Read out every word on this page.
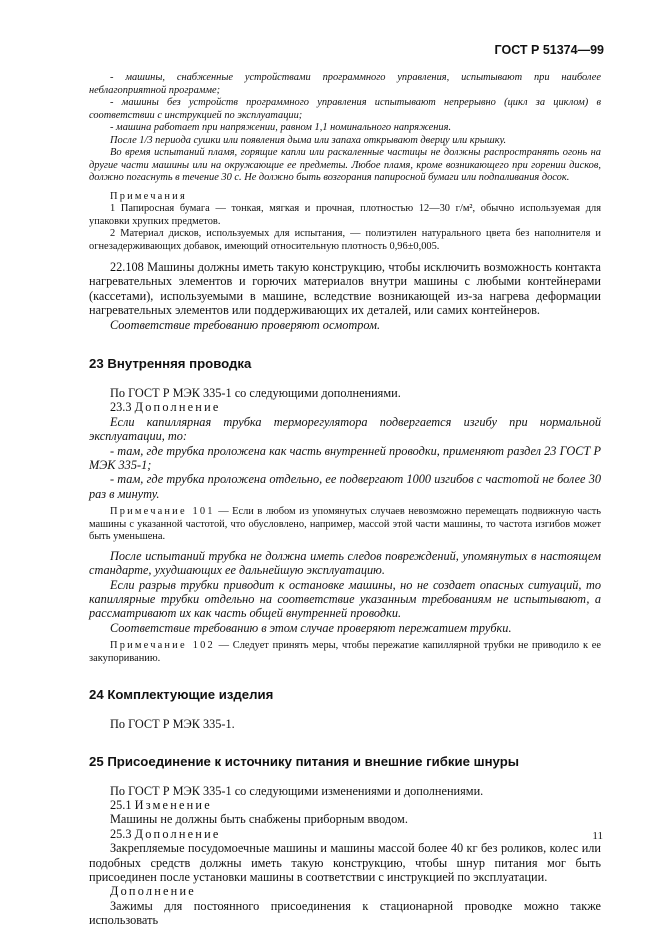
ГОСТ Р 51374—99

- машины, снабженные устройствами программного управления, испытывают при наиболее неблагоприятной программе;

- машины без устройств программного управления испытывают непрерывно (цикл за циклом) в соответствии с инструкцией по эксплуатации;

- машина работает при напряжении, равном 1,1 номинального напряжения.

После 1/3 периода сушки или появления дыма или запаха открывают дверцу или крышку.

Во время испытаний пламя, горящие капли или раскаленные частицы не должны распространять огонь на другие части машины или на окружающие ее предметы. Любое пламя, кроме возникающего при горении дисков, должно погаснуть в течение 30 с. Не должно быть возгорания папиросной бумаги или подпаливания досок.

Примечания

1 Папиросная бумага — тонкая, мягкая и прочная, плотностью 12—30 г/м², обычно используемая для упаковки хрупких предметов.

2 Материал дисков, используемых для испытания, — полиэтилен натурального цвета без наполнителя и огнезадерживающих добавок, имеющий относительную плотность 0,96±0,005.

22.108 Машины должны иметь такую конструкцию, чтобы исключить возможность контакта нагревательных элементов и горючих материалов внутри машины с любыми контейнерами (кассетами), используемыми в машине, вследствие возникающей из-за нагрева деформации нагревательных элементов или поддерживающих их деталей, или самих контейнеров.

Соответствие требованию проверяют осмотром.

23 Внутренняя проводка

По ГОСТ Р МЭК 335-1 со следующими дополнениями.

23.3 Дополнение

Если капиллярная трубка терморегулятора подвергается изгибу при нормальной эксплуатации, то:

- там, где трубка проложена как часть внутренней проводки, применяют раздел 23 ГОСТ Р МЭК 335-1;

- там, где трубка проложена отдельно, ее подвергают 1000 изгибов с частотой не более 30 раз в минуту.

Примечание 101 — Если в любом из упомянутых случаев невозможно перемещать подвижную часть машины с указанной частотой, что обусловлено, например, массой этой части машины, то частота изгибов может быть уменьшена.

После испытаний трубка не должна иметь следов повреждений, упомянутых в настоящем стандарте, ухудшающих ее дальнейшую эксплуатацию.

Если разрыв трубки приводит к остановке машины, но не создает опасных ситуаций, то капиллярные трубки отдельно на соответствие указанным требованиям не испытывают, а рассматривают их как часть общей внутренней проводки.

Соответствие требованию в этом случае проверяют пережатием трубки.

Примечание 102 — Следует принять меры, чтобы пережатие капиллярной трубки не приводило к ее закупориванию.

24 Комплектующие изделия

По ГОСТ Р МЭК 335-1.

25 Присоединение к источнику питания и внешние гибкие шнуры

По ГОСТ Р МЭК 335-1 со следующими изменениями и дополнениями.

25.1 Изменение

Машины не должны быть снабжены приборным вводом.

25.3 Дополнение

Закрепляемые посудомоечные машины и машины массой более 40 кг без роликов, колес или подобных средств должны иметь такую конструкцию, чтобы шнур питания мог быть присоединен после установки машины в соответствии с инструкцией по эксплуатации.

Дополнение

Зажимы для постоянного присоединения к стационарной проводке можно также использовать

11
